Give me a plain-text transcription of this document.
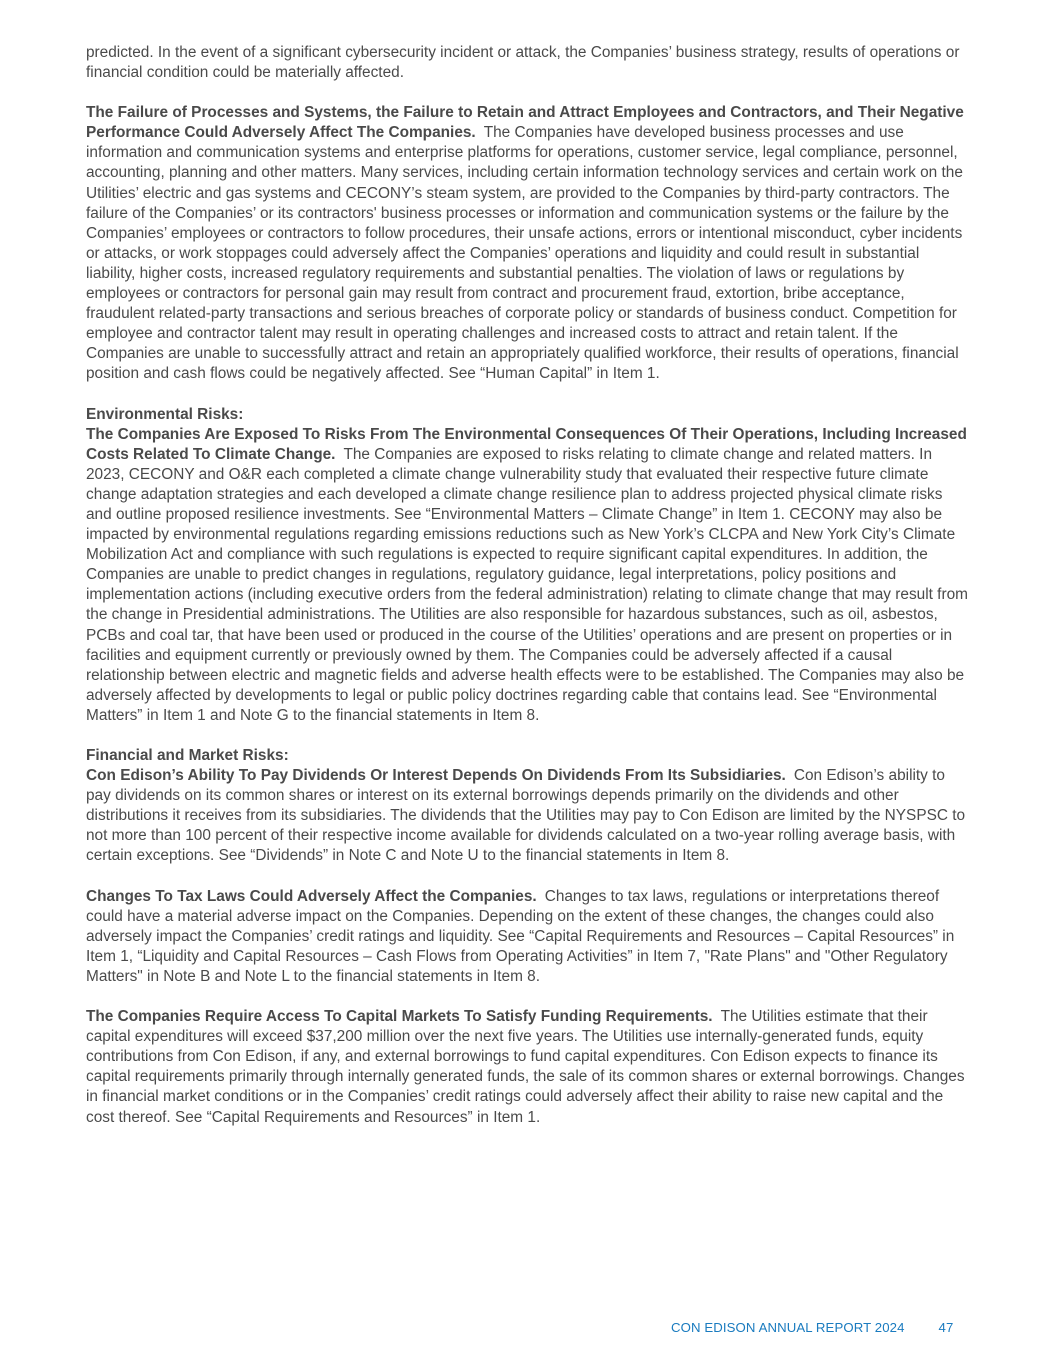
predicted. In the event of a significant cybersecurity incident or attack, the Companies’ business strategy, results of operations or financial condition could be materially affected.

The Failure of Processes and Systems, the Failure to Retain and Attract Employees and Contractors, and Their Negative Performance Could Adversely Affect The Companies. The Companies have developed business processes and use information and communication systems and enterprise platforms for operations, customer service, legal compliance, personnel, accounting, planning and other matters. Many services, including certain information technology services and certain work on the Utilities’ electric and gas systems and CECONY’s steam system, are provided to the Companies by third-party contractors. The failure of the Companies’ or its contractors' business processes or information and communication systems or the failure by the Companies’ employees or contractors to follow procedures, their unsafe actions, errors or intentional misconduct, cyber incidents or attacks, or work stoppages could adversely affect the Companies’ operations and liquidity and could result in substantial liability, higher costs, increased regulatory requirements and substantial penalties. The violation of laws or regulations by employees or contractors for personal gain may result from contract and procurement fraud, extortion, bribe acceptance, fraudulent related-party transactions and serious breaches of corporate policy or standards of business conduct. Competition for employee and contractor talent may result in operating challenges and increased costs to attract and retain talent. If the Companies are unable to successfully attract and retain an appropriately qualified workforce, their results of operations, financial position and cash flows could be negatively affected. See “Human Capital” in Item 1.

Environmental Risks:

The Companies Are Exposed To Risks From The Environmental Consequences Of Their Operations, Including Increased Costs Related To Climate Change. The Companies are exposed to risks relating to climate change and related matters. In 2023, CECONY and O&R each completed a climate change vulnerability study that evaluated their respective future climate change adaptation strategies and each developed a climate change resilience plan to address projected physical climate risks and outline proposed resilience investments. See “Environmental Matters – Climate Change” in Item 1. CECONY may also be impacted by environmental regulations regarding emissions reductions such as New York’s CLCPA and New York City’s Climate Mobilization Act and compliance with such regulations is expected to require significant capital expenditures. In addition, the Companies are unable to predict changes in regulations, regulatory guidance, legal interpretations, policy positions and implementation actions (including executive orders from the federal administration) relating to climate change that may result from the change in Presidential administrations. The Utilities are also responsible for hazardous substances, such as oil, asbestos, PCBs and coal tar, that have been used or produced in the course of the Utilities’ operations and are present on properties or in facilities and equipment currently or previously owned by them. The Companies could be adversely affected if a causal relationship between electric and magnetic fields and adverse health effects were to be established. The Companies may also be adversely affected by developments to legal or public policy doctrines regarding cable that contains lead. See “Environmental Matters” in Item 1 and Note G to the financial statements in Item 8.

Financial and Market Risks:

Con Edison’s Ability To Pay Dividends Or Interest Depends On Dividends From Its Subsidiaries. Con Edison’s ability to pay dividends on its common shares or interest on its external borrowings depends primarily on the dividends and other distributions it receives from its subsidiaries. The dividends that the Utilities may pay to Con Edison are limited by the NYSPSC to not more than 100 percent of their respective income available for dividends calculated on a two-year rolling average basis, with certain exceptions. See “Dividends” in Note C and Note U to the financial statements in Item 8.

Changes To Tax Laws Could Adversely Affect the Companies. Changes to tax laws, regulations or interpretations thereof could have a material adverse impact on the Companies. Depending on the extent of these changes, the changes could also adversely impact the Companies’ credit ratings and liquidity. See “Capital Requirements and Resources – Capital Resources” in Item 1, “Liquidity and Capital Resources – Cash Flows from Operating Activities” in Item 7, "Rate Plans" and "Other Regulatory Matters" in Note B and Note L to the financial statements in Item 8.

The Companies Require Access To Capital Markets To Satisfy Funding Requirements. The Utilities estimate that their capital expenditures will exceed $37,200 million over the next five years. The Utilities use internally-generated funds, equity contributions from Con Edison, if any, and external borrowings to fund capital expenditures. Con Edison expects to finance its capital requirements primarily through internally generated funds, the sale of its common shares or external borrowings. Changes in financial market conditions or in the Companies’ credit ratings could adversely affect their ability to raise new capital and the cost thereof. See “Capital Requirements and Resources” in Item 1.

CON EDISON ANNUAL REPORT 2024	47
